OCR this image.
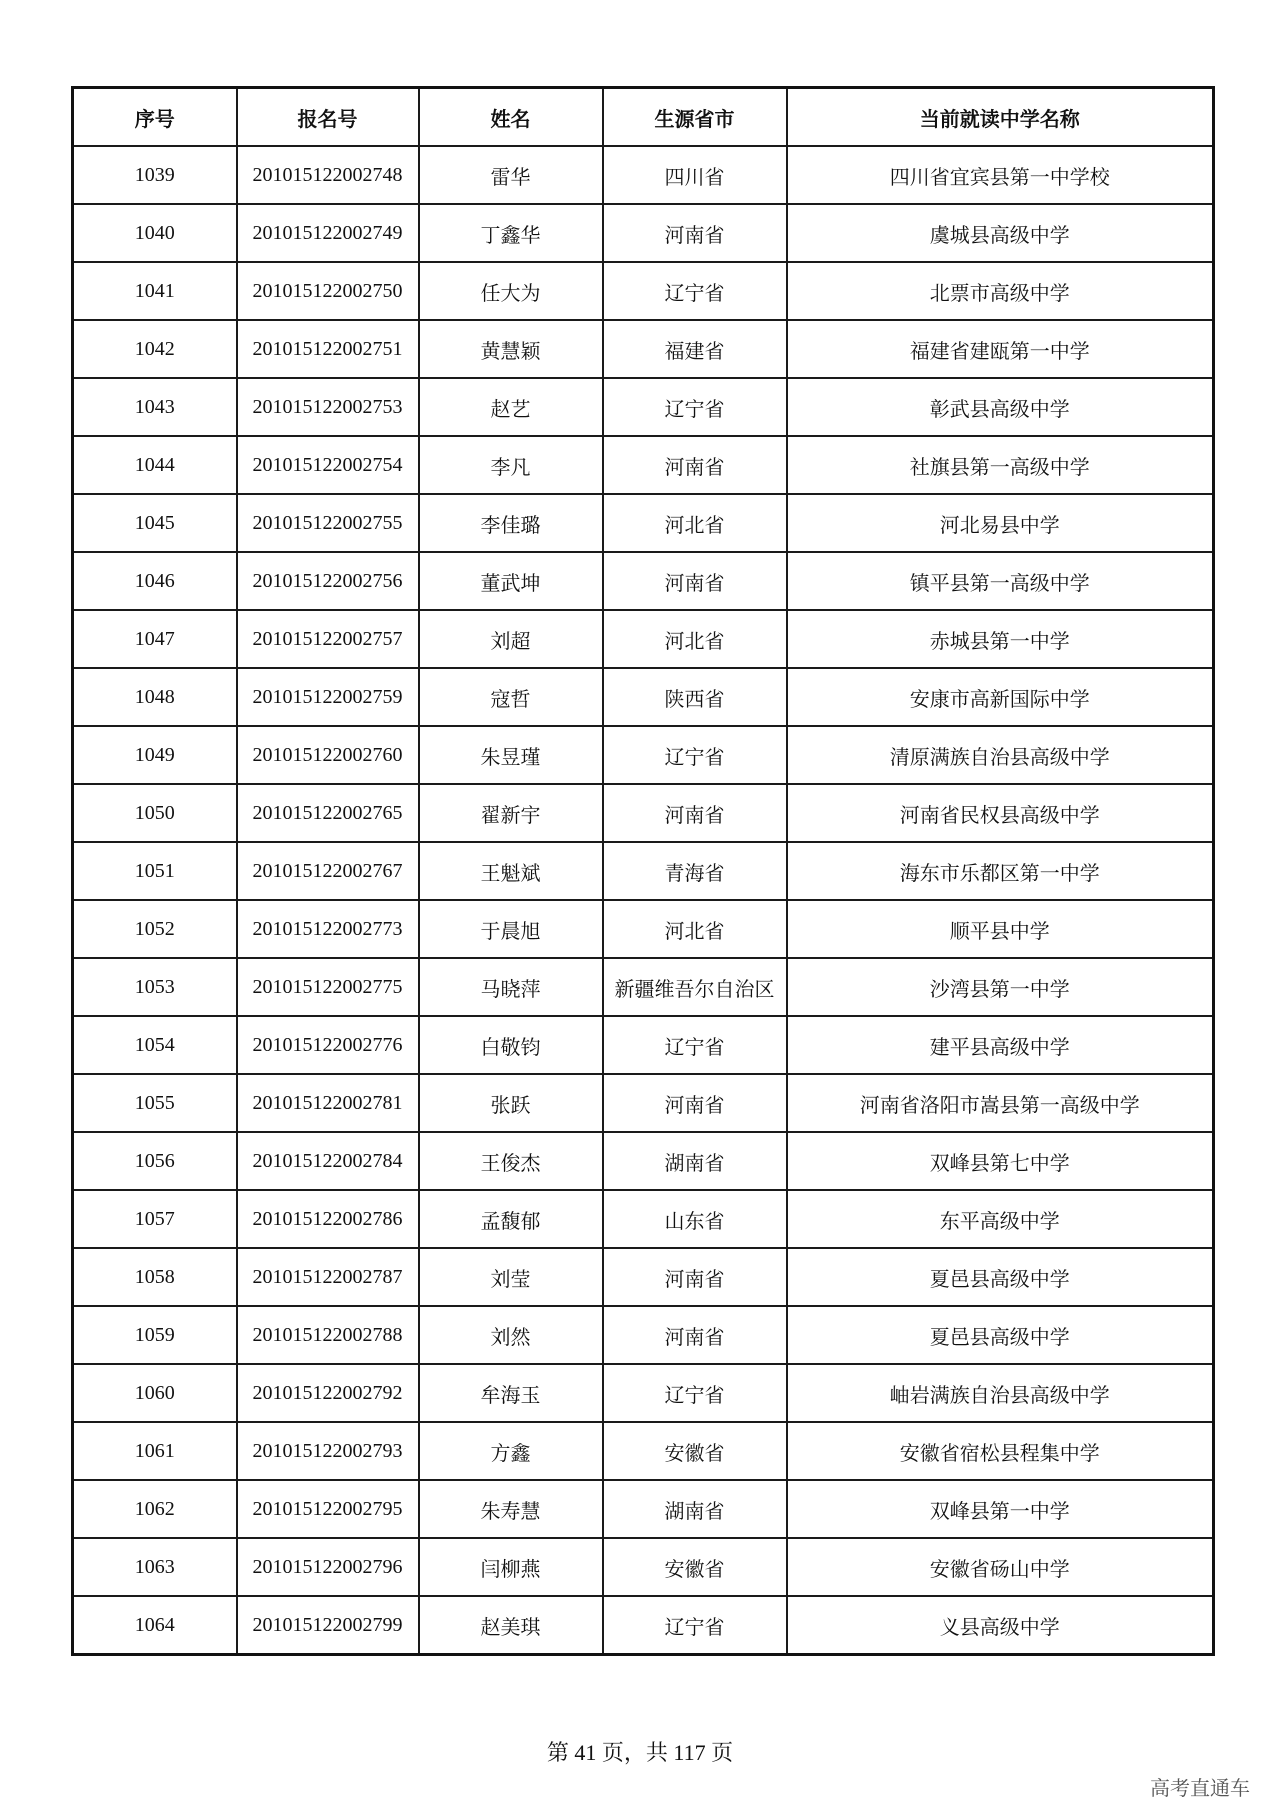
序号	报名号	姓名	生源省市	当前就读中学名称
1039	201015122002748	雷华	四川省	四川省宜宾县第一中学校
1040	201015122002749	丁鑫华	河南省	虞城县高级中学
1041	201015122002750	任大为	辽宁省	北票市高级中学
1042	201015122002751	黄慧颖	福建省	福建省建瓯第一中学
1043	201015122002753	赵艺	辽宁省	彰武县高级中学
1044	201015122002754	李凡	河南省	社旗县第一高级中学
1045	201015122002755	李佳璐	河北省	河北易县中学
1046	201015122002756	董武坤	河南省	镇平县第一高级中学
1047	201015122002757	刘超	河北省	赤城县第一中学
1048	201015122002759	寇哲	陕西省	安康市高新国际中学
1049	201015122002760	朱昱瑾	辽宁省	清原满族自治县高级中学
1050	201015122002765	翟新宇	河南省	河南省民权县高级中学
1051	201015122002767	王魁斌	青海省	海东市乐都区第一中学
1052	201015122002773	于晨旭	河北省	顺平县中学
1053	201015122002775	马晓萍	新疆维吾尔自治区	沙湾县第一中学
1054	201015122002776	白敬钧	辽宁省	建平县高级中学
1055	201015122002781	张跃	河南省	河南省洛阳市嵩县第一高级中学
1056	201015122002784	王俊杰	湖南省	双峰县第七中学
1057	201015122002786	孟馥郁	山东省	东平高级中学
1058	201015122002787	刘莹	河南省	夏邑县高级中学
1059	201015122002788	刘然	河南省	夏邑县高级中学
1060	201015122002792	牟海玉	辽宁省	岫岩满族自治县高级中学
1061	201015122002793	方鑫	安徽省	安徽省宿松县程集中学
1062	201015122002795	朱寿慧	湖南省	双峰县第一中学
1063	201015122002796	闫柳燕	安徽省	安徽省砀山中学
1064	201015122002799	赵美琪	辽宁省	义县高级中学
第 41 页，共 117 页
高考直通车
